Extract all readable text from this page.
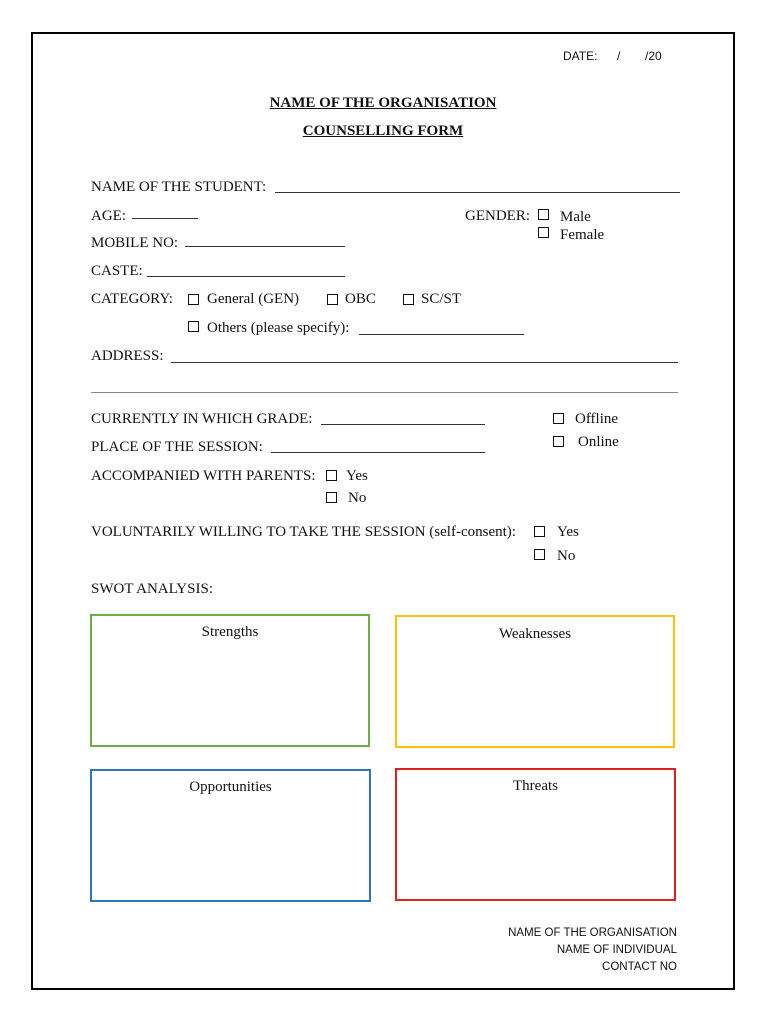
DATE: / /20
NAME OF THE ORGANISATION
COUNSELLING FORM
NAME OF THE STUDENT:
AGE:	GENDER: Male
Female
MOBILE NO:
CASTE:
CATEGORY: General (GEN)	OBC	SC/ST
Others (please specify):
ADDRESS:
CURRENTLY IN WHICH GRADE:	Offline
Online
PLACE OF THE SESSION:
ACCOMPANIED WITH PARENTS: Yes
No
VOLUNTARILY WILLING TO TAKE THE SESSION (self-consent):	Yes
No
SWOT ANALYSIS:
Strengths	Weaknesses
Opportunities	Threats
NAME OF THE ORGANISATION
NAME OF INDIVIDUAL
CONTACT NO
